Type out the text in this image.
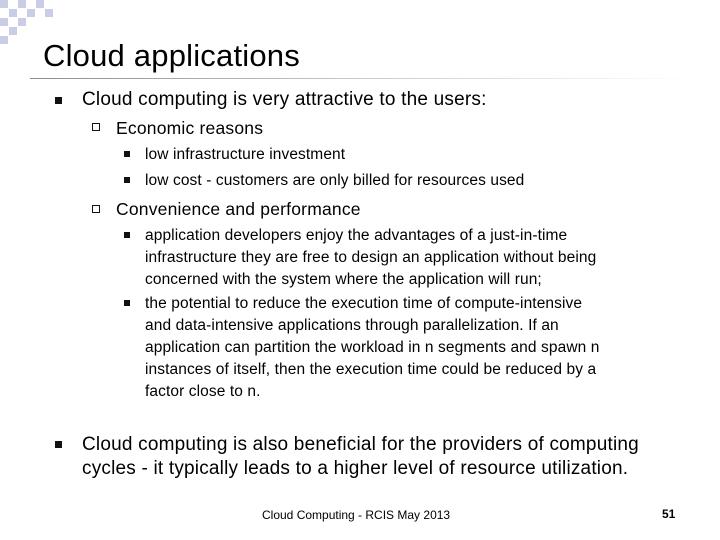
Cloud applications
Cloud computing is very attractive to the users:
Economic reasons
low infrastructure investment
low cost - customers are only billed for resources used
Convenience and performance

application developers enjoy the advantages of a just-in-time

infrastructure they are free to design an application without being

concerned with the system where the application will run;

the potential to reduce the execution time of compute-intensive

and data-intensive applications through parallelization. If an

application can partition the workload in n segments and spawn n

instances of itself, then the execution time could be reduced by a

factor close to n.

Cloud computing is also beneficial for the providers of computing
cycles - it typically leads to a higher level of resource utilization.
Cloud Computing - RCIS May 2013	51
